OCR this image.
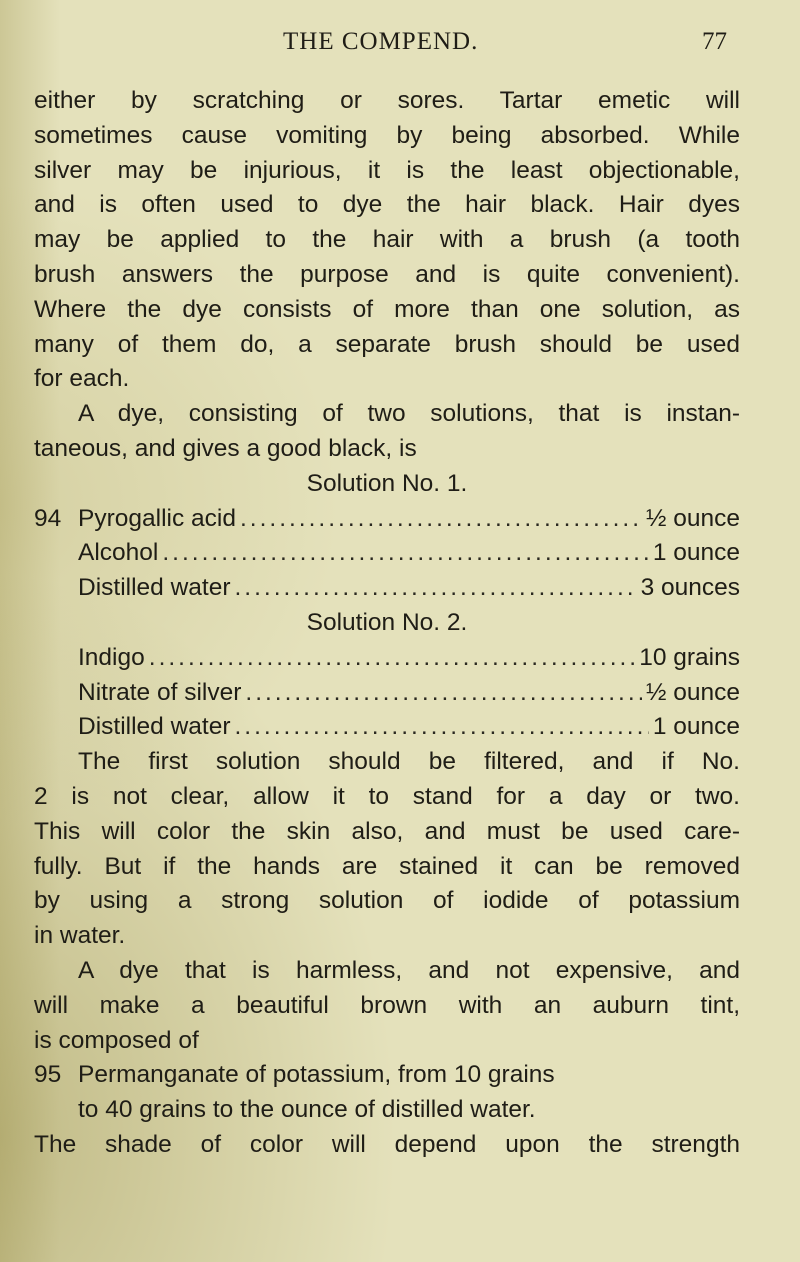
THE COMPEND.	77
either by scratching or sores. Tartar emetic will
sometimes cause vomiting by being absorbed. While
silver may be injurious, it is the least objectionable,
and is often used to dye the hair black. Hair dyes
may be applied to the hair with a brush (a tooth
brush answers the purpose and is quite convenient).
Where the dye consists of more than one solution, as
many of them do, a separate brush should be used
for each.
A dye, consisting of two solutions, that is instan-
taneous, and gives a good black, is
Solution No. 1.
94 Pyrogallic acid .....	½ ounce
Alcohol .....	1 ounce
Distilled water .....	3 ounces
Solution No. 2.
Indigo .....	10 grains
Nitrate of silver .....	½ ounce
Distilled water .....	1 ounce
The first solution should be filtered, and if No.
2 is not clear, allow it to stand for a day or two.
This will color the skin also, and must be used care-
fully. But if the hands are stained it can be removed
by using a strong solution of iodide of potassium
in water.
A dye that is harmless, and not expensive, and
will make a beautiful brown with an auburn tint,
is composed of
95 Permanganate of potassium, from 10 grains
to 40 grains to the ounce of distilled water.
The shade of color will depend upon the strength
